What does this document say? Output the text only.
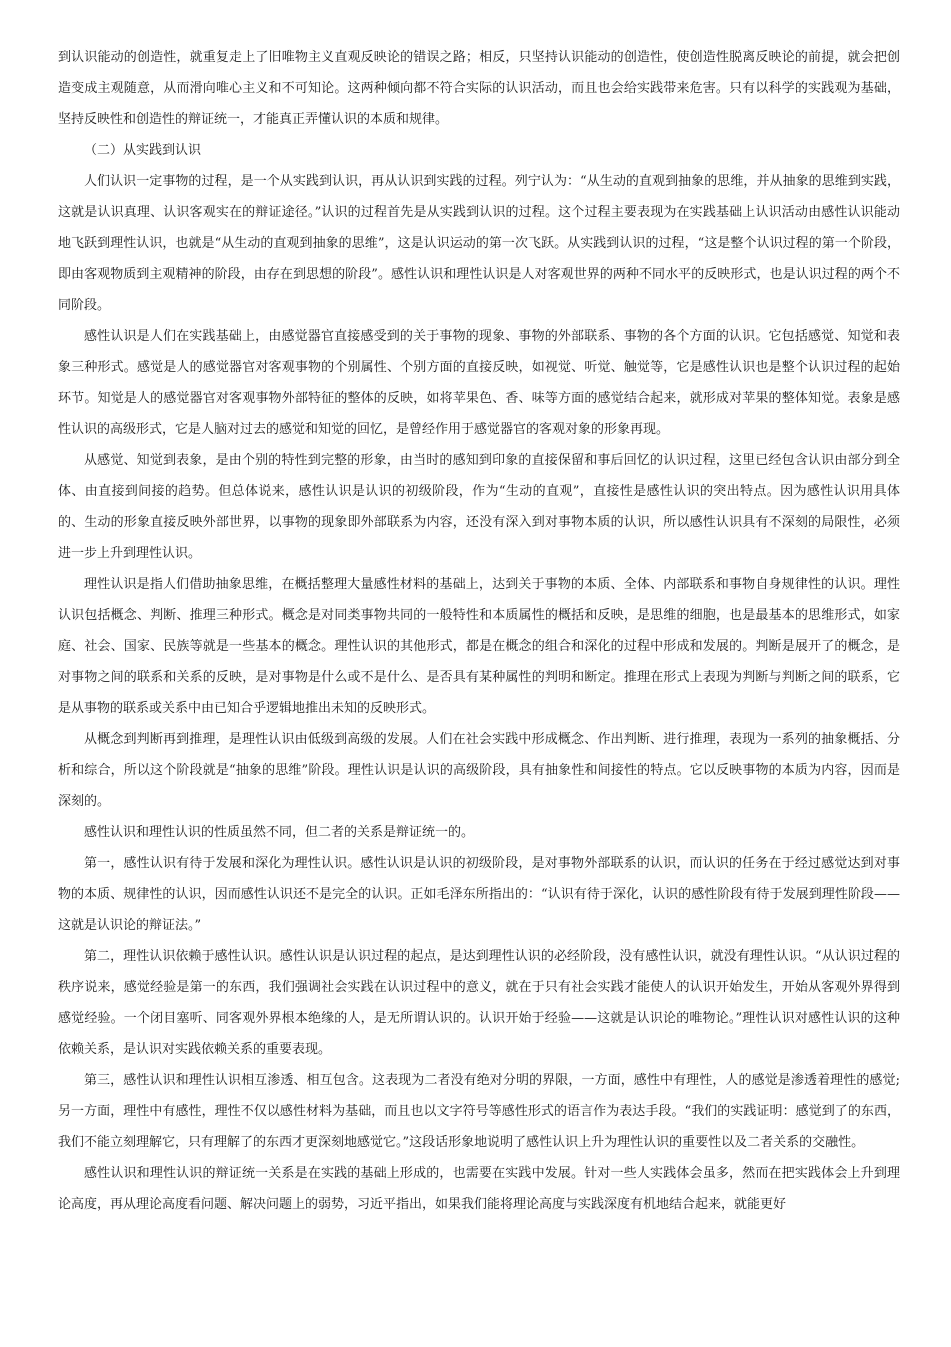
到认识能动的创造性，就重复走上了旧唯物主义直观反映论的错误之路；相反，只坚持认识能动的创造性，使创造性脱离反映论的前提，就会把创造变成主观随意，从而滑向唯心主义和不可知论。这两种倾向都不符合实际的认识活动，而且也会给实践带来危害。只有以科学的实践观为基础，坚持反映性和创造性的辩证统一，才能真正弄懂认识的本质和规律。

（二）从实践到认识

人们认识一定事物的过程，是一个从实践到认识，再从认识到实践的过程。列宁认为：“从生动的直观到抽象的思维，并从抽象的思维到实践，这就是认识真理、认识客观实在的辩证途径。”认识的过程首先是从实践到认识的过程。这个过程主要表现为在实践基础上认识活动由感性认识能动地飞跃到理性认识，也就是“从生动的直观到抽象的思维”，这是认识运动的第一次飞跃。从实践到认识的过程，“这是整个认识过程的第一个阶段，即由客观物质到主观精神的阶段，由存在到思想的阶段”。感性认识和理性认识是人对客观世界的两种不同水平的反映形式，也是认识过程的两个不同阶段。

感性认识是人们在实践基础上，由感觉器官直接感受到的关于事物的现象、事物的外部联系、事物的各个方面的认识。它包括感觉、知觉和表象三种形式。感觉是人的感觉器官对客观事物的个别属性、个别方面的直接反映，如视觉、听觉、触觉等，它是感性认识也是整个认识过程的起始环节。知觉是人的感觉器官对客观事物外部特征的整体的反映，如将苹果色、香、味等方面的感觉结合起来，就形成对苹果的整体知觉。表象是感性认识的高级形式，它是人脑对过去的感觉和知觉的回忆，是曾经作用于感觉器官的客观对象的形象再现。

从感觉、知觉到表象，是由个别的特性到完整的形象，由当时的感知到印象的直接保留和事后回忆的认识过程，这里已经包含认识由部分到全体、由直接到间接的趋势。但总体说来，感性认识是认识的初级阶段，作为“生动的直观”，直接性是感性认识的突出特点。因为感性认识用具体的、生动的形象直接反映外部世界，以事物的现象即外部联系为内容，还没有深入到对事物本质的认识，所以感性认识具有不深刻的局限性，必须进一步上升到理性认识。

理性认识是指人们借助抽象思维，在概括整理大量感性材料的基础上，达到关于事物的本质、全体、内部联系和事物自身规律性的认识。理性认识包括概念、判断、推理三种形式。概念是对同类事物共同的一般特性和本质属性的概括和反映，是思维的细胞，也是最基本的思维形式，如家庭、社会、国家、民族等就是一些基本的概念。理性认识的其他形式，都是在概念的组合和深化的过程中形成和发展的。判断是展开了的概念，是对事物之间的联系和关系的反映，是对事物是什么或不是什么、是否具有某种属性的判明和断定。推理在形式上表现为判断与判断之间的联系，它是从事物的联系或关系中由已知合乎逻辑地推出未知的反映形式。

从概念到判断再到推理，是理性认识由低级到高级的发展。人们在社会实践中形成概念、作出判断、进行推理，表现为一系列的抽象概括、分析和综合，所以这个阶段就是“抽象的思维”阶段。理性认识是认识的高级阶段，具有抽象性和间接性的特点。它以反映事物的本质为内容，因而是深刻的。

感性认识和理性认识的性质虽然不同，但二者的关系是辩证统一的。

第一，感性认识有待于发展和深化为理性认识。感性认识是认识的初级阶段，是对事物外部联系的认识，而认识的任务在于经过感觉达到对事物的本质、规律性的认识，因而感性认识还不是完全的认识。正如毛泽东所指出的：“认识有待于深化，认识的感性阶段有待于发展到理性阶段——这就是认识论的辩证法。”

第二，理性认识依赖于感性认识。感性认识是认识过程的起点，是达到理性认识的必经阶段，没有感性认识，就没有理性认识。“从认识过程的秩序说来，感觉经验是第一的东西，我们强调社会实践在认识过程中的意义，就在于只有社会实践才能使人的认识开始发生，开始从客观外界得到感觉经验。一个闭目塞听、同客观外界根本绝缘的人，是无所谓认识的。认识开始于经验——这就是认识论的唯物论。”理性认识对感性认识的这种依赖关系，是认识对实践依赖关系的重要表现。

第三，感性认识和理性认识相互渗透、相互包含。这表现为二者没有绝对分明的界限，一方面，感性中有理性，人的感觉是渗透着理性的感觉;另一方面，理性中有感性，理性不仅以感性材料为基础，而且也以文字符号等感性形式的语言作为表达手段。“我们的实践证明：感觉到了的东西，我们不能立刻理解它，只有理解了的东西才更深刻地感觉它。”这段话形象地说明了感性认识上升为理性认识的重要性以及二者关系的交融性。

感性认识和理性认识的辩证统一关系是在实践的基础上形成的，也需要在实践中发展。针对一些人实践体会虽多，然而在把实践体会上升到理论高度，再从理论高度看问题、解决问题上的弱势，习近平指出，如果我们能将理论高度与实践深度有机地结合起来，就能更好
